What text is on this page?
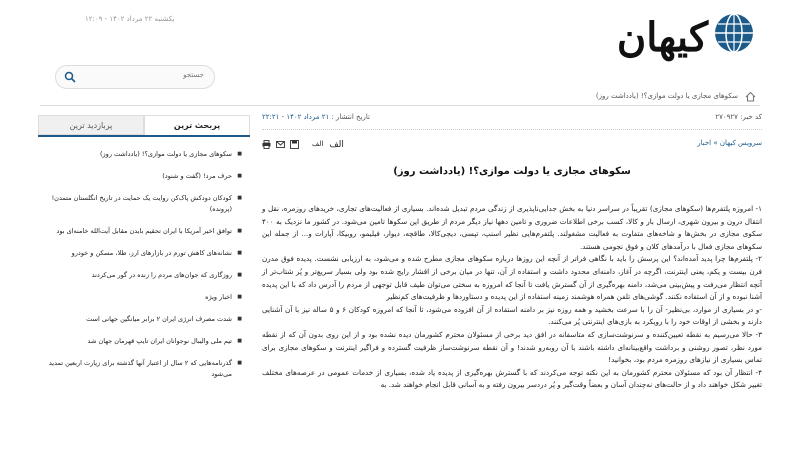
یکشنبه ۲۲ مرداد ۱۴۰۲ - ۱۲:۰۹	کیهان
جستجو
سکوهای مجازی یا دولت موازی؟! (یادداشت روز)
پربازدید ترین	پربحث ترین
■ سکوهای مجازی یا دولت موازی؟! (یادداشت روز)
■ حرف مرد! (گفت و شنود)
■ کودکان دودکش پاک‌کن روایت یک حمایت در تاریخ انگلستان متمدن! (پرونده)
■ توافق اخیر آمریکا با ایران تحقیم بایدن مقابل آیت‌الله خامنه‌ای بود
■ نشانه‌های کاهش تورم در بازارهای ارز، طلا، مسکن و خودرو
■ روزگاری که جوان‌های مردم را زنده در گور می‌کردند
■ اخبار ویژه
■ شدت مصرف انرژی ایران ۲ برابر میانگین جهانی است
■ تیم ملی والیبال نوجوانان ایران تایپ قهرمان جهان شد
■ گذرنامه‌هایی که ۲ سال از اعتبار آنها گذشته برای زیارت اربعین تمدید می‌شود
کد خبر: ۲۷۰۹۲۷
تاریخ انتشار : ۲۱ مرداد ۱۴۰۲ - ۲۲:۲۱
الف
الف	سرویس کیهان » اخبار
سکوهای مجازی یا دولت موازی؟! (یادداشت روز)

۱- امروزه پلتفرم‌ها (سکوهای مجازی) تقریباً در سراسر دنیا به بخش جدایی‌ناپذیری از زندگی مردم تبدیل شده‌اند. بسیاری از فعالیت‌های تجاری، خریدهای روزمره، نقل و انتقال درون و بیرون شهری، ارسال بار و کالا، کسب برخی اطلاعات ضروری و تامین دهها نیاز دیگر مردم از طریق این سکوها تامین می‌شود. در کشور ما نزدیک به ۴۰۰ سکوی مجازی در بخش‌ها و شاخه‌های متفاوت به فعالیت مشغولند. پلتفرم‌هایی نظیر اسنپ، تپسی، دیجی‌کالا، طاقچه، دیوار، فیلیمو، روبیکا، آپارات و... از جمله این سکوهای مجازی فعال با درآمدهای کلان و فوق نجومی هستند.

۲- پلتفرم‌ها چرا پدید آمده‌اند؟ این پرسش را باید با نگاهی فراتر از آنچه این روزها درباره سکوهای مجازی مطرح شده و می‌شود، به ارزیابی نشست. پدیده فوق مدرن فرن بیست و یکم، یعنی اینترنت، اگرچه در آغاز، دامنه‌ای محدود داشت و استفاده از آن، تنها در میان برخی از اقشار رایج شده بود ولی بسیار سریع‌تر و پُر شتاب‌تر از آنچه انتظار می‌رفت و پیش‌بینی می‌شد، دامنه بهره‌گیری از آن گسترش یافت تا آنجا که امروزه به سختی می‌توان طیف قابل توجهی از مردم را آدرس داد که با این پدیده آشنا نبوده و از آن استفاده نکنند. گوشی‌های تلفن همراه هوشمند زمینه استفاده از این پدیده و دستاوردها و ظرفیت‌های کم‌نظیر

-و در بسیاری از موارد، بی‌نظیر- آن را با سرعت بخشید و همه روزه نیز بر دامنه استفاده از آن افزوده می‌شود، تا آنجا که امروزه کودکان ۶ و ۵ ساله نیز با آن آشنایی دارند و بخشی از اوقات خود را با رویکرد به بازی‌های اینترنتی پُر می‌کنند.

۳- حالا می‌رسیم به نقطه تعیین‌کننده و سرنوشت‌سازی که متاسفانه در افق دید برخی از مسئولان محترم کشورمان دیده نشده بود و از این روی بدون آن که از نقطه مورد نظر، تصور روشنی و برداشت واقع‌بینانه‌ای داشته باشند با آن روبه‌رو شدند! و آن نقطه سرنوشت‌ساز ظرفیت گسترده و فراگیر اینترنت و سکوهای مجازی برای تماس بسیاری از نیازهای روزمره مردم بود، بخوانید!

۴- انتظار آن بود که مسئولان محترم کشورمان به این نکته توجه می‌کردند که با گسترش بهره‌گیری از پدیده یاد شده، بسیاری از خدمات عمومی در عرصه‌های مختلف تغییر شکل خواهند داد و از حالت‌های نه‌چندان آسان و بعضاً وقت‌گیر و پُر دردسر بیرون رفته و به آسانی قابل انجام خواهند شد. به
